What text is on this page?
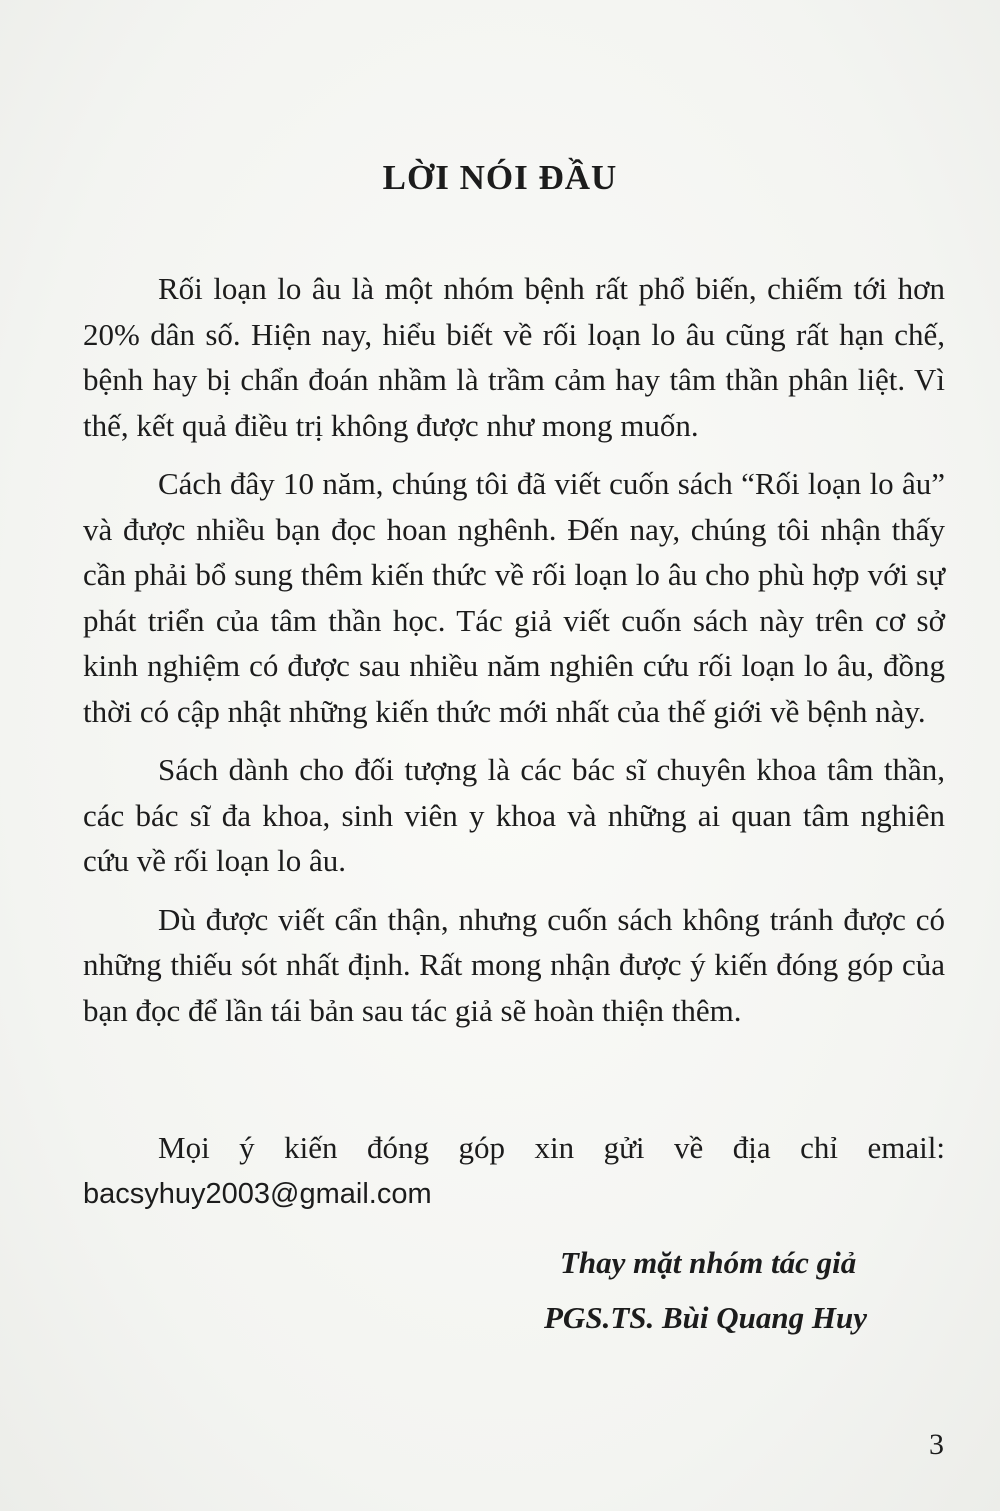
LỜI NÓI ĐẦU

Rối loạn lo âu là một nhóm bệnh rất phổ biến, chiếm tới hơn 20% dân số. Hiện nay, hiểu biết về rối loạn lo âu cũng rất hạn chế, bệnh hay bị chẩn đoán nhầm là trầm cảm hay tâm thần phân liệt. Vì thế, kết quả điều trị không được như mong muốn.

Cách đây 10 năm, chúng tôi đã viết cuốn sách “Rối loạn lo âu” và được nhiều bạn đọc hoan nghênh. Đến nay, chúng tôi nhận thấy cần phải bổ sung thêm kiến thức về rối loạn lo âu cho phù hợp với sự phát triển của tâm thần học. Tác giả viết cuốn sách này trên cơ sở kinh nghiệm có được sau nhiều năm nghiên cứu rối loạn lo âu, đồng thời có cập nhật những kiến thức mới nhất của thế giới về bệnh này.

Sách dành cho đối tượng là các bác sĩ chuyên khoa tâm thần, các bác sĩ đa khoa, sinh viên y khoa và những ai quan tâm nghiên cứu về rối loạn lo âu.

Dù được viết cẩn thận, nhưng cuốn sách không tránh được có những thiếu sót nhất định. Rất mong nhận được ý kiến đóng góp của bạn đọc để lần tái bản sau tác giả sẽ hoàn thiện thêm.

Mọi ý kiến đóng góp xin gửi về địa chỉ email:
bacsyhuy2003@gmail.com

Thay mặt nhóm tác giả

PGS.TS. Bùi Quang Huy

3
